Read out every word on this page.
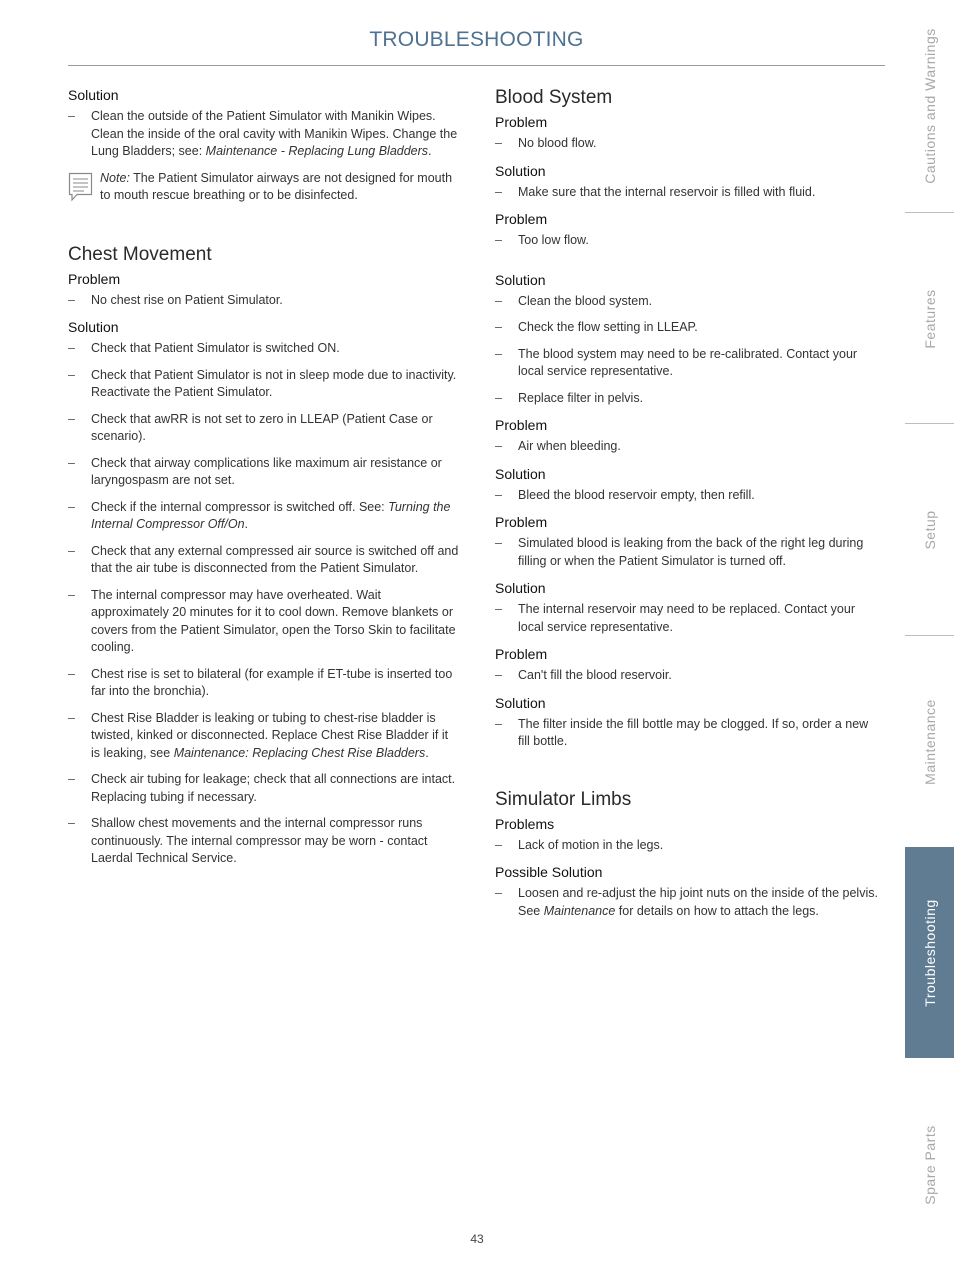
TROUBLESHOOTING
Solution
– Clean the outside of the Patient Simulator with Manikin Wipes. Clean the inside of the oral cavity with Manikin Wipes. Change the Lung Bladders; see: Maintenance - Replacing Lung Bladders.
Note: The Patient Simulator airways are not designed for mouth to mouth rescue breathing or to be disinfected.
Chest Movement
Problem
– No chest rise on Patient Simulator.
Solution
– Check that Patient Simulator is switched ON.
– Check that Patient Simulator is not in sleep mode due to inactivity. Reactivate the Patient Simulator.
– Check that awRR is not set to zero in LLEAP (Patient Case or scenario).
– Check that airway complications like maximum air resistance or laryngospasm are not set.
– Check if the internal compressor is switched off. See: Turning the Internal Compressor Off/On.
– Check that any external compressed air source is switched off and that the air tube is disconnected from the Patient Simulator.
– The internal compressor may have overheated. Wait approximately 20 minutes for it to cool down. Remove blankets or covers from the Patient Simulator, open the Torso Skin to facilitate cooling.
– Chest rise is set to bilateral (for example if ET-tube is inserted too far into the bronchia).
– Chest Rise Bladder is leaking or tubing to chest-rise bladder is twisted, kinked or disconnected. Replace Chest Rise Bladder if it is leaking, see Maintenance: Replacing Chest Rise Bladders.
– Check air tubing for leakage; check that all connections are intact. Replacing tubing if necessary.
– Shallow chest movements and the internal compressor runs continuously. The internal compressor may be worn - contact Laerdal Technical Service.
Blood System
Problem
– No blood flow.
Solution
– Make sure that the internal reservoir is filled with fluid.
Problem
– Too low flow.
Solution
– Clean the blood system.
– Check the flow setting in LLEAP.
– The blood system may need to be re-calibrated. Contact your local service representative.
– Replace filter in pelvis.
Problem
– Air when bleeding.
Solution
– Bleed the blood reservoir empty, then refill.
Problem
– Simulated blood is leaking from the back of the right leg during filling or when the Patient Simulator is turned off.
Solution
– The internal reservoir may need to be replaced. Contact your local service representative.
Problem
– Can't fill the blood reservoir.
Solution
– The filter inside the fill bottle may be clogged. If so, order a new fill bottle.
Simulator Limbs
Problems
– Lack of motion in the legs.
Possible Solution
– Loosen and re-adjust the hip joint nuts on the inside of the pelvis. See Maintenance for details on how to attach the legs.
Cautions and Warnings
Features
Setup
Maintenance
Troubleshooting
Spare Parts
43
